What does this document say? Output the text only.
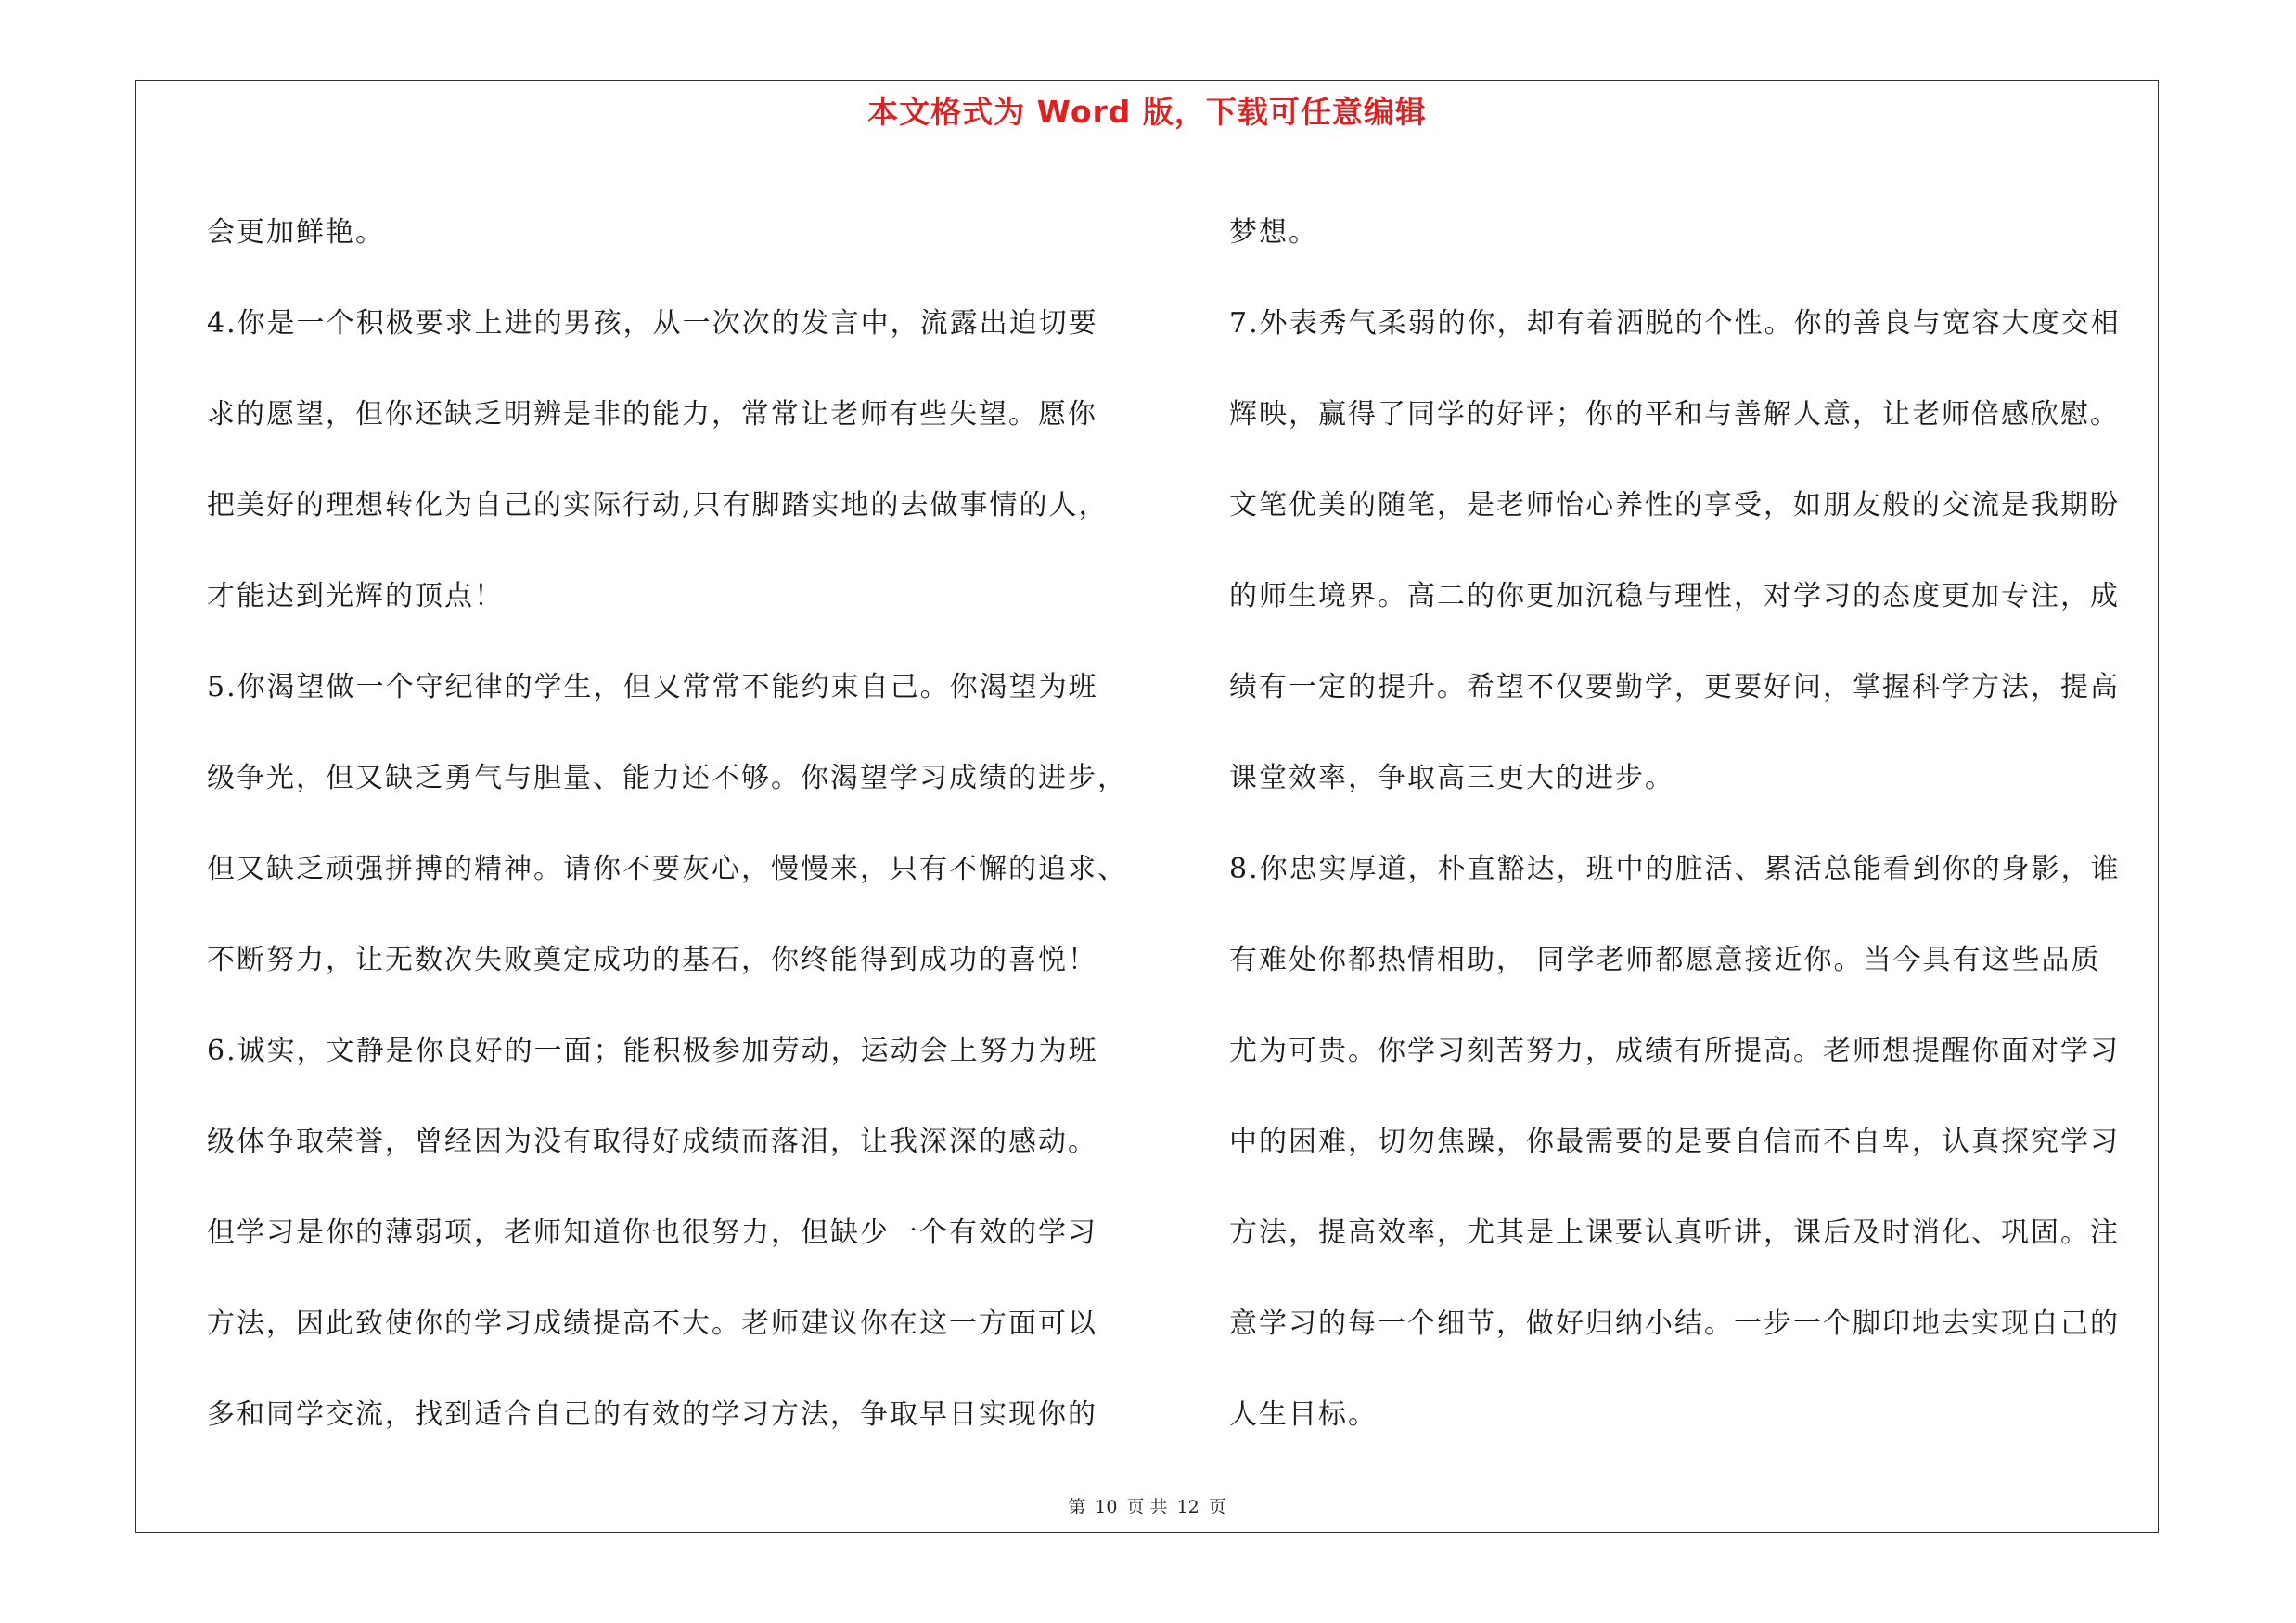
本文格式为 Word 版，下载可任意编辑
会更加鲜艳。
4.你是一个积极要求上进的男孩，从一次次的发言中，流露出迫切要
求的愿望，但你还缺乏明辨是非的能力，常常让老师有些失望。愿你
把美好的理想转化为自己的实际行动,只有脚踏实地的去做事情的人，
才能达到光辉的顶点！
5.你渴望做一个守纪律的学生，但又常常不能约束自己。你渴望为班
级争光，但又缺乏勇气与胆量、能力还不够。你渴望学习成绩的进步，
但又缺乏顽强拼搏的精神。请你不要灰心，慢慢来，只有不懈的追求、
不断努力，让无数次失败奠定成功的基石，你终能得到成功的喜悦！
6.诚实，文静是你良好的一面；能积极参加劳动，运动会上努力为班
级体争取荣誉，曾经因为没有取得好成绩而落泪，让我深深的感动。
但学习是你的薄弱项，老师知道你也很努力，但缺少一个有效的学习
方法，因此致使你的学习成绩提高不大。老师建议你在这一方面可以
多和同学交流，找到适合自己的有效的学习方法，争取早日实现你的
梦想。
7.外表秀气柔弱的你，却有着洒脱的个性。你的善良与宽容大度交相
辉映，赢得了同学的好评；你的平和与善解人意，让老师倍感欣慰。
文笔优美的随笔，是老师怡心养性的享受，如朋友般的交流是我期盼
的师生境界。高二的你更加沉稳与理性，对学习的态度更加专注，成
绩有一定的提升。希望不仅要勤学，更要好问，掌握科学方法，提高
课堂效率，争取高三更大的进步。
8.你忠实厚道，朴直豁达，班中的脏活、累活总能看到你的身影，谁
有难处你都热情相助， 同学老师都愿意接近你。当今具有这些品质
尤为可贵。你学习刻苦努力，成绩有所提高。老师想提醒你面对学习
中的困难，切勿焦躁，你最需要的是要自信而不自卑，认真探究学习
方法，提高效率，尤其是上课要认真听讲，课后及时消化、巩固。注
意学习的每一个细节，做好归纳小结。一步一个脚印地去实现自己的
人生目标。
第 10 页 共 12 页
